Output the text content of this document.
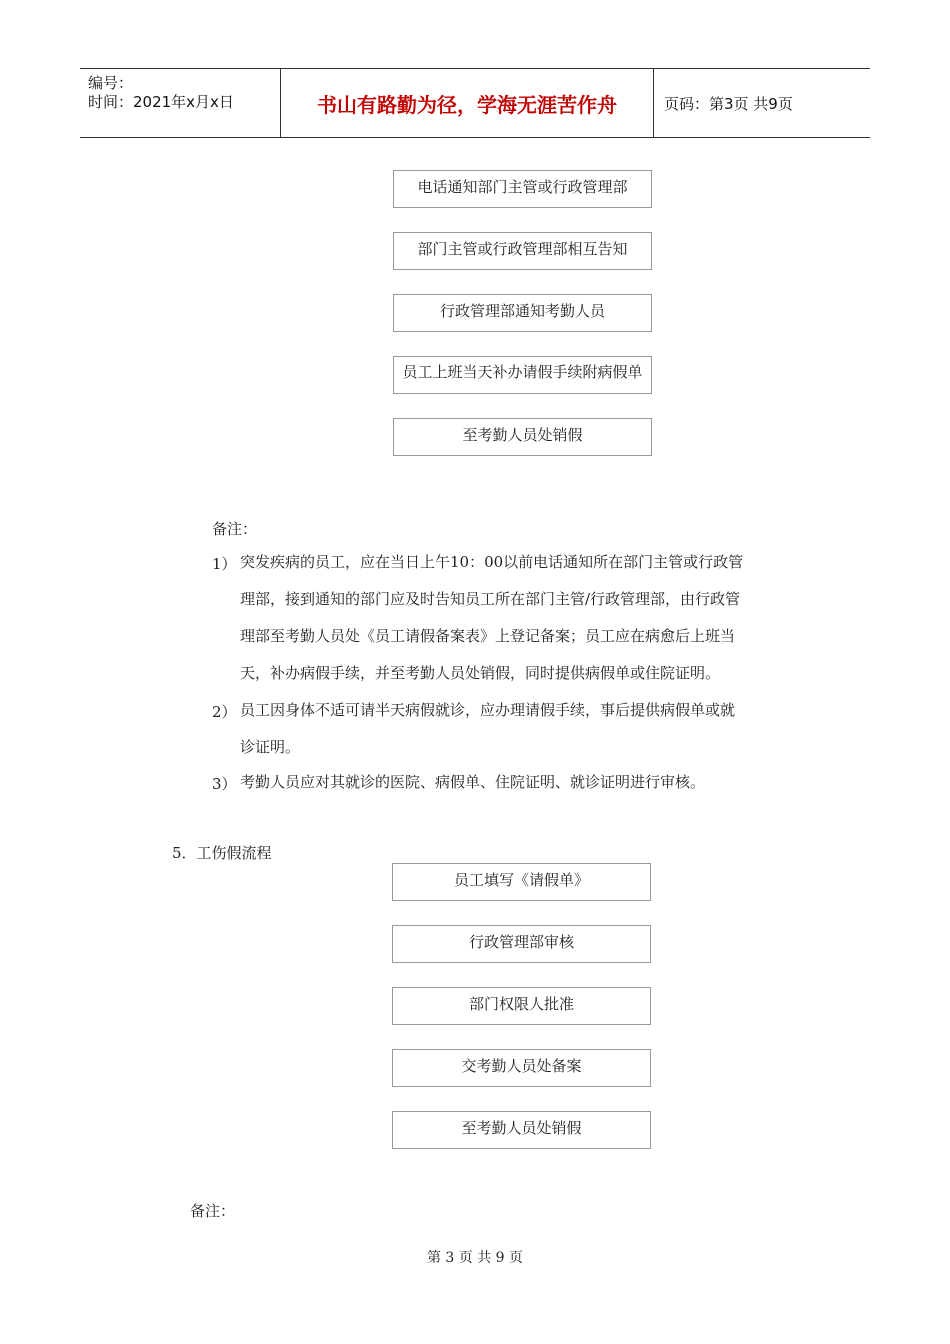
编号：
时间：2021年x月x日	书山有路勤为径，学海无涯苦作舟	页码：第3页 共9页
电话通知部门主管或行政管理部
部门主管或行政管理部相互告知
行政管理部通知考勤人员
员工上班当天补办请假手续附病假单
至考勤人员处销假
备注：
1） 突发疾病的员工，应在当日上午10：00以前电话通知所在部门主管或行政管
理部，接到通知的部门应及时告知员工所在部门主管/行政管理部，由行政管
理部至考勤人员处《员工请假备案表》上登记备案；员工应在病愈后上班当
天，补办病假手续，并至考勤人员处销假，同时提供病假单或住院证明。
2） 员工因身体不适可请半天病假就诊，应办理请假手续，事后提供病假单或就
诊证明。
3） 考勤人员应对其就诊的医院、病假单、住院证明、就诊证明进行审核。
5．工伤假流程
员工填写《请假单》
行政管理部审核
部门权限人批准
交考勤人员处备案
至考勤人员处销假
备注：
第 3 页 共 9 页
